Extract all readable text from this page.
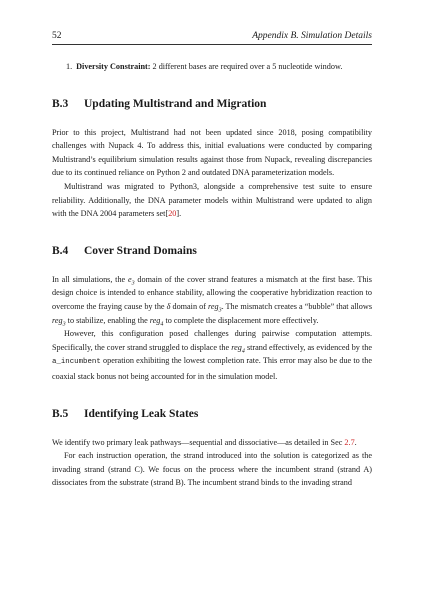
52	Appendix B. Simulation Details

1. Diversity Constraint: 2 different bases are required over a 5 nucleotide window.

B.3 Updating Multistrand and Migration

Prior to this project, Multistrand had not been updated since 2018, posing compatibility challenges with Nupack 4. To address this, initial evaluations were conducted by comparing Multistrand’s equilibrium simulation results against those from Nupack, revealing discrepancies due to its continued reliance on Python 2 and outdated DNA parameterization models.

Multistrand was migrated to Python3, alongside a comprehensive test suite to ensure reliability. Additionally, the DNA parameter models within Multistrand were updated to align with the DNA 2004 parameters set[20].

B.4 Cover Strand Domains

In all simulations, the $e_3$ domain of the cover strand features a mismatch at the first base. This design choice is intended to enhance stability, allowing the cooperative hybridization reaction to overcome the fraying cause by the δ domain of reg$_3$. The mismatch creates a “bubble” that allows reg$_3$ to stabilize, enabling the reg$_4$ to complete the displacement more effectively.

However, this configuration posed challenges during pairwise computation attempts. Specifically, the cover strand struggled to displace the reg$_4$ strand effectively, as evidenced by the a_incumbent operation exhibiting the lowest completion rate. This error may also be due to the coaxial stack bonus not being accounted for in the simulation model.

B.5 Identifying Leak States

We identify two primary leak pathways—sequential and dissociative—as detailed in Sec 2.7.

For each instruction operation, the strand introduced into the solution is categorized as the invading strand (strand C). We focus on the process where the incumbent strand (strand A) dissociates from the substrate (strand B). The incumbent strand binds to the invading strand
